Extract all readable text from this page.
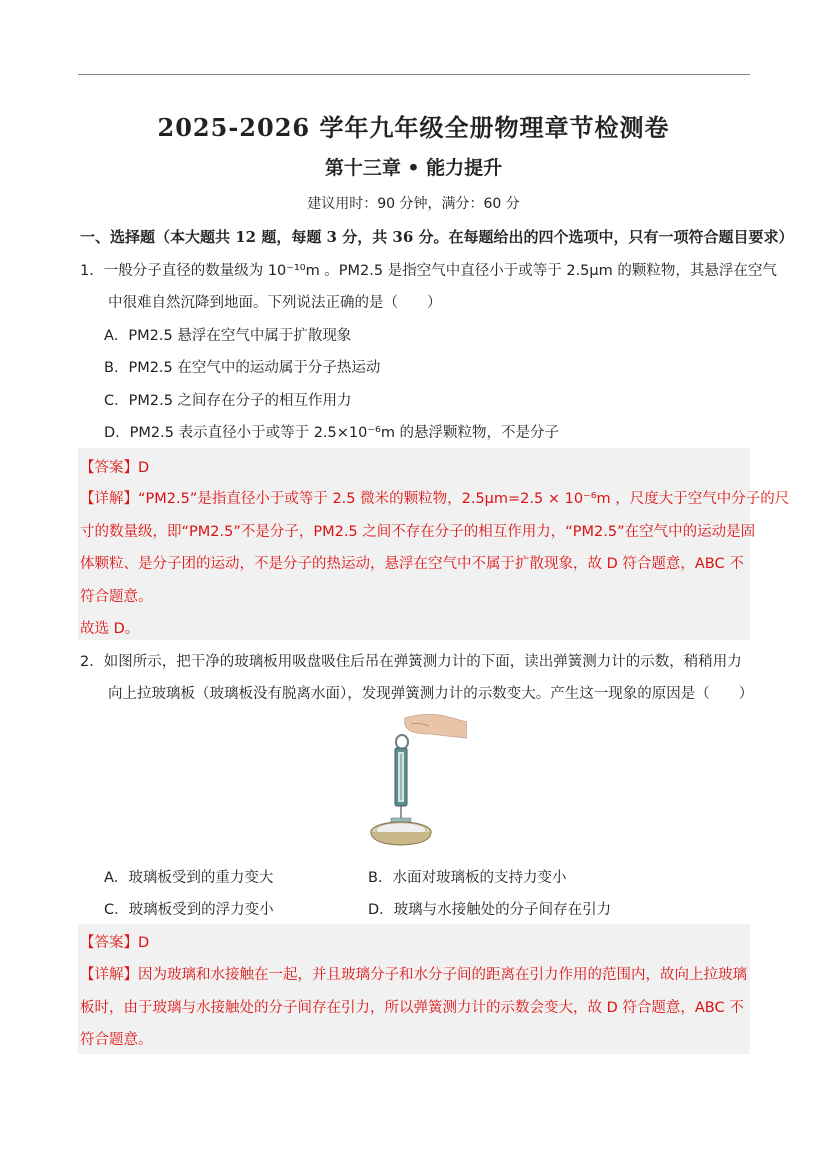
2025-2026 学年九年级全册物理章节检测卷
第十三章 • 能力提升
建议用时：90 分钟，满分：60 分
一、选择题（本大题共 12 题，每题 3 分，共 36 分。在每题给出的四个选项中，只有一项符合题目要求）
1．一般分子直径的数量级为 10⁻¹⁰m 。PM2.5 是指空气中直径小于或等于 2.5μm 的颗粒物，其悬浮在空气
中很难自然沉降到地面。下列说法正确的是（　　）
A．PM2.5 悬浮在空气中属于扩散现象
B．PM2.5 在空气中的运动属于分子热运动
C．PM2.5 之间存在分子的相互作用力
D．PM2.5 表示直径小于或等于 2.5×10⁻⁶m 的悬浮颗粒物，不是分子
【答案】D
【详解】“PM2.5”是指直径小于或等于 2.5 微米的颗粒物，2.5μm=2.5 × 10⁻⁶m ，尺度大于空气中分子的尺
寸的数量级，即“PM2.5”不是分子，PM2.5 之间不存在分子的相互作用力，“PM2.5”在空气中的运动是固
体颗粒、是分子团的运动，不是分子的热运动，悬浮在空气中不属于扩散现象，故 D 符合题意，ABC 不
符合题意。
故选 D。
2．如图所示，把干净的玻璃板用吸盘吸住后吊在弹簧测力计的下面，读出弹簧测力计的示数，稍稍用力
向上拉玻璃板（玻璃板没有脱离水面），发现弹簧测力计的示数变大。产生这一现象的原因是（　　）
A．玻璃板受到的重力变大	B．水面对玻璃板的支持力变小
C．玻璃板受到的浮力变小	D．玻璃与水接触处的分子间存在引力
【答案】D
【详解】因为玻璃和水接触在一起，并且玻璃分子和水分子间的距离在引力作用的范围内，故向上拉玻璃
板时，由于玻璃与水接触处的分子间存在引力，所以弹簧测力计的示数会变大，故 D 符合题意，ABC 不
符合题意。
